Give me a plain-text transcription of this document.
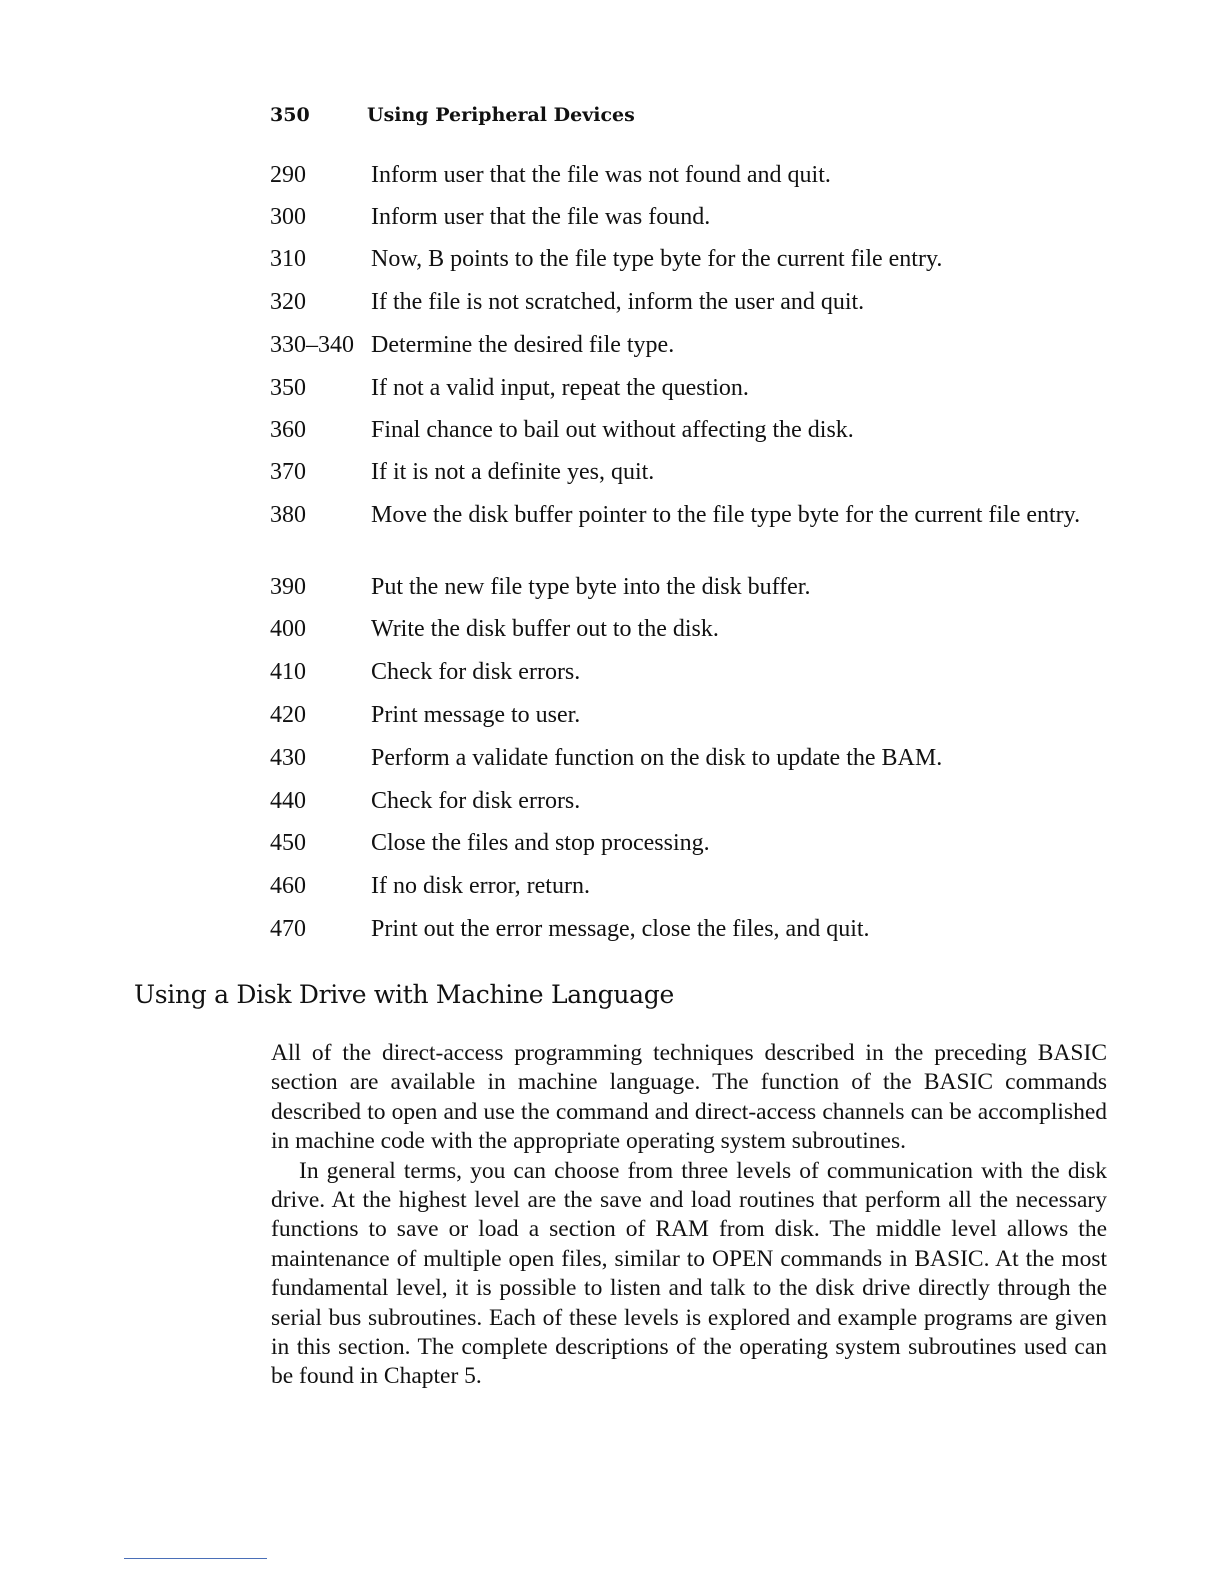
350	Using Peripheral Devices
290	Inform user that the file was not found and quit.
300	Inform user that the file was found.
310	Now, B points to the file type byte for the current file entry.
320	If the file is not scratched, inform the user and quit.
330–340 Determine the desired file type.
350	If not a valid input, repeat the question.
360	Final chance to bail out without affecting the disk.
370	If it is not a definite yes, quit.
380	Move the disk buffer pointer to the file type byte for the current file entry.
390	Put the new file type byte into the disk buffer.
400	Write the disk buffer out to the disk.
410	Check for disk errors.
420	Print message to user.
430	Perform a validate function on the disk to update the BAM.
440	Check for disk errors.
450	Close the files and stop processing.
460	If no disk error, return.
470	Print out the error message, close the files, and quit.
Using a Disk Drive with Machine Language

All of the direct-access programming techniques described in the preceding BASIC section are available in machine language. The function of the BASIC commands described to open and use the command and direct-access channels can be accomplished in machine code with the appropriate operating system subroutines.

In general terms, you can choose from three levels of communication with the disk drive. At the highest level are the save and load routines that perform all the necessary functions to save or load a section of RAM from disk. The middle level allows the maintenance of multiple open files, similar to OPEN commands in BASIC. At the most fundamental level, it is possible to listen and talk to the disk drive directly through the serial bus subroutines. Each of these levels is explored and example programs are given in this section. The complete descriptions of the operating system subroutines used can be found in Chapter 5.
